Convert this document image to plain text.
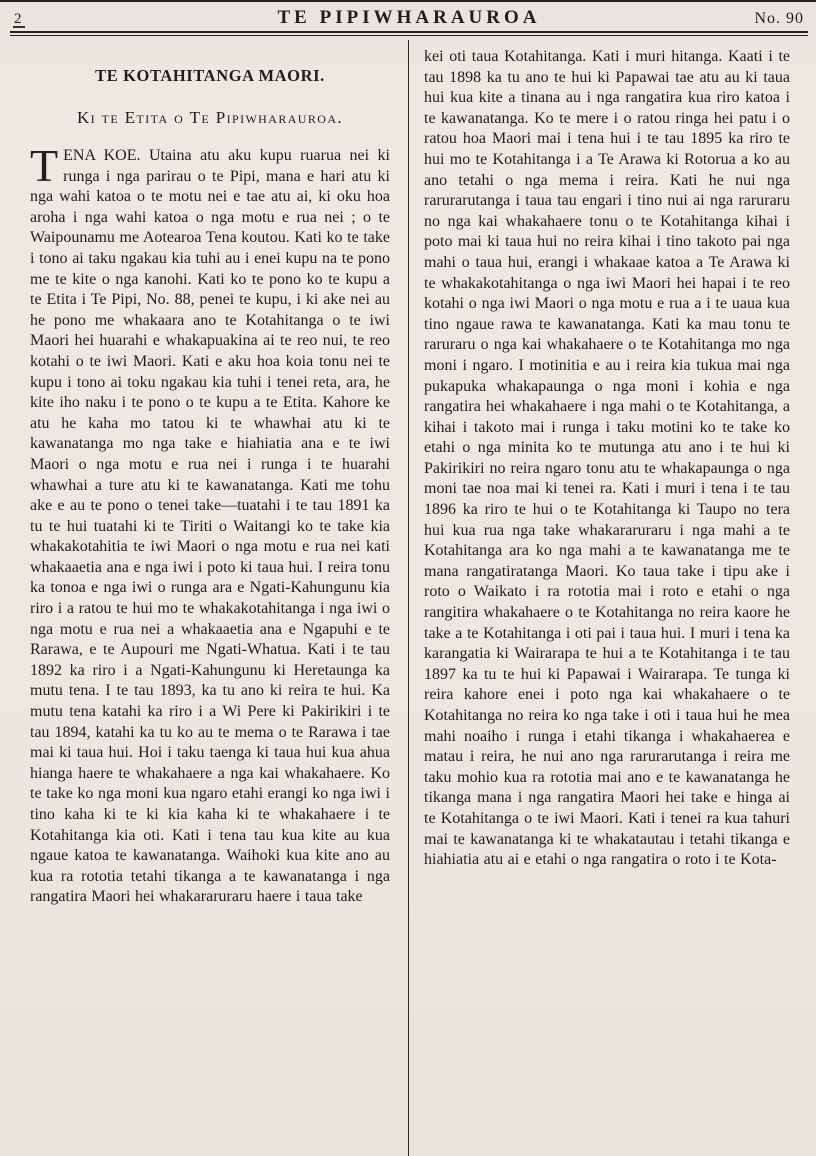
2	TE PIPIWHARAUROA	No. 90
TE KOTAHITANGA MAORI.

Ki te Etita o Te Pipiwharauroa.

TENA KOE. Utaina atu aku kupu ruarua nei ki runga i nga parirau o te Pipi, mana e hari atu ki nga wahi katoa o te motu nei e tae atu ai, ki oku hoa aroha i nga wahi katoa o nga motu e rua nei ; o te Waipounamu me Aotearoa Tena koutou. Kati ko te take i tono ai taku ngakau kia tuhi au i enei kupu na te pono me te kite o nga kanohi. Kati ko te pono ko te kupu a te Etita i Te Pipi, No. 88, penei te kupu, i ki ake nei au he pono me whakaara ano te Kotahitanga o te iwi Maori hei huarahi e whakapuakina ai te reo nui, te reo kotahi o te iwi Maori. Kati e aku hoa koia tonu nei te kupu i tono ai toku ngakau kia tuhi i tenei reta, ara, he kite iho naku i te pono o te kupu a te Etita. Kahore ke atu he kaha mo tatou ki te whawhai atu ki te kawanatanga mo nga take e hiahiatia ana e te iwi Maori o nga motu e rua nei i runga i te huarahi whawhai a ture atu ki te kawanatanga. Kati me tohu ake e au te pono o tenei take—tuatahi i te tau 1891 ka tu te hui tuatahi ki te Tiriti o Waitangi ko te take kia whakakotahitia te iwi Maori o nga motu e rua nei kati whakaaetia ana e nga iwi i poto ki taua hui. I reira tonu ka tonoa e nga iwi o runga ara e Ngati-Kahungunu kia riro i a ratou te hui mo te whakakotahitanga i nga iwi o nga motu e rua nei a whakaaetia ana e Ngapuhi e te Rarawa, e te Aupouri me Ngati-Whatua. Kati i te tau 1892 ka riro i a Ngati-Kahungunu ki Heretaunga ka mutu tena. I te tau 1893, ka tu ano ki reira te hui. Ka mutu tena katahi ka riro i a Wi Pere ki Pakirikiri i te tau 1894, katahi ka tu ko au te mema o te Rarawa i tae mai ki taua hui. Hoi i taku taenga ki taua hui kua ahua hianga haere te whakahaere a nga kai whakahaere. Ko te take ko nga moni kua ngaro etahi erangi ko nga iwi i tino kaha ki te ki kia kaha ki te whakahaere i te Kotahitanga kia oti. Kati i tena tau kua kite au kua ngaue katoa te kawanatanga. Waihoki kua kite ano au kua ra rototia tetahi tikanga a te kawanatanga i nga rangatira Maori hei whakararuraru haere i taua take

kei oti taua Kotahitanga. Kati i muri hitanga. Kaati i te tau 1898 ka tu ano te hui ki Papawai tae atu au ki taua hui kua kite a tinana au i nga rangatira kua riro katoa i te kawanatanga. Ko te mere i o ratou ringa hei patu i o ratou hoa Maori mai i tena hui i te tau 1895 ka riro te hui mo te Kotahitanga i a Te Arawa ki Rotorua a ko au ano tetahi o nga mema i reira. Kati he nui nga rarurarutanga i taua tau engari i tino nui ai nga raruraru no nga kai whakahaere tonu o te Kotahitanga kihai i poto mai ki taua hui no reira kihai i tino takoto pai nga mahi o taua hui, erangi i whakaae katoa a Te Arawa ki te whakakotahitanga o nga iwi Maori hei hapai i te reo kotahi o nga iwi Maori o nga motu e rua a i te uaua kua tino ngaue rawa te kawanatanga. Kati ka mau tonu te raruraru o nga kai whakahaere o te Kotahitanga mo nga moni i ngaro. I motinitia e au i reira kia tukua mai nga pukapuka whakapaunga o nga moni i kohia e nga rangatira hei whakahaere i nga mahi o te Kotahitanga, a kihai i takoto mai i runga i taku motini ko te take ko etahi o nga minita ko te mutunga atu ano i te hui ki Pakirikiri no reira ngaro tonu atu te whakapaunga o nga moni tae noa mai ki tenei ra. Kati i muri i tena i te tau 1896 ka riro te hui o te Kotahitanga ki Taupo no tera hui kua rua nga take whakararuraru i nga mahi a te Kotahitanga ara ko nga mahi a te kawanatanga me te mana rangatiratanga Maori. Ko taua take i tipu ake i roto o Waikato i ra rototia mai i roto e etahi o nga rangitira whakahaere o te Kotahitanga no reira kaore he take a te Kotahitanga i oti pai i taua hui. I muri i tena ka karangatia ki Wairarapa te hui a te Kotahitanga i te tau 1897 ka tu te hui ki Papawai i Wairarapa. Te tunga ki reira kahore enei i poto nga kai whakahaere o te Kotahitanga no reira ko nga take i oti i taua hui he mea mahi noaiho i runga i etahi tikanga i whakahaerea e matau i reira, he nui ano nga rarurarutanga i reira me taku mohio kua ra rototia mai ano e te kawanatanga he tikanga mana i nga rangatira Maori hei take e hinga ai te Kotahitanga o te iwi Maori. Kati i tenei ra kua tahuri mai te kawanatanga ki te whakatautau i tetahi tikanga e hiahiatia atu ai e etahi o nga rangatira o roto i te Kota-
